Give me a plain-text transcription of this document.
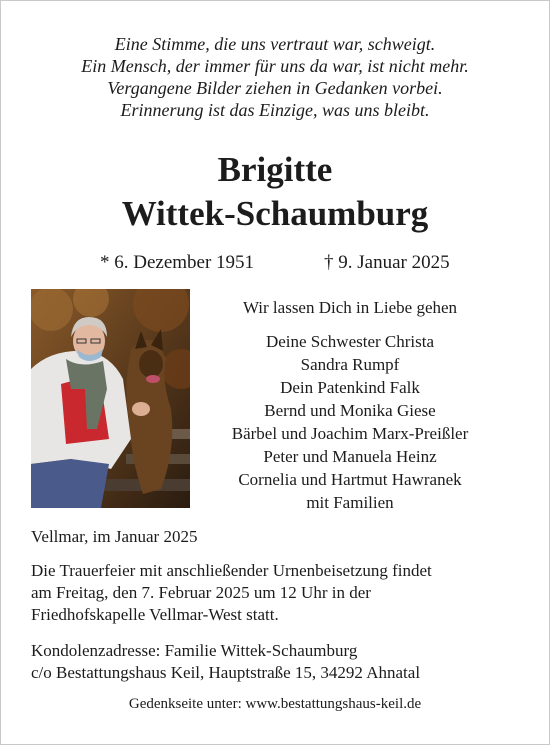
Eine Stimme, die uns vertraut war, schweigt.
Ein Mensch, der immer für uns da war, ist nicht mehr.
Vergangene Bilder ziehen in Gedanken vorbei.
Erinnerung ist das Einzige, was uns bleibt.
Brigitte
Wittek-Schaumburg
* 6. Dezember 1951	† 9. Januar 2025
Wir lassen Dich in Liebe gehen
Deine Schwester Christa
Sandra Rumpf
Dein Patenkind Falk
Bernd und Monika Giese
Bärbel und Joachim Marx-Preißler
Peter und Manuela Heinz
Cornelia und Hartmut Hawranek
mit Familien
Vellmar, im Januar 2025
Die Trauerfeier mit anschließender Urnenbeisetzung findet
am Freitag, den 7. Februar 2025 um 12 Uhr in der
Friedhofskapelle Vellmar-West statt.
Kondolenzadresse: Familie Wittek-Schaumburg
c/o Bestattungshaus Keil, Hauptstraße 15, 34292 Ahnatal
Gedenkseite unter: www.bestattungshaus-keil.de
